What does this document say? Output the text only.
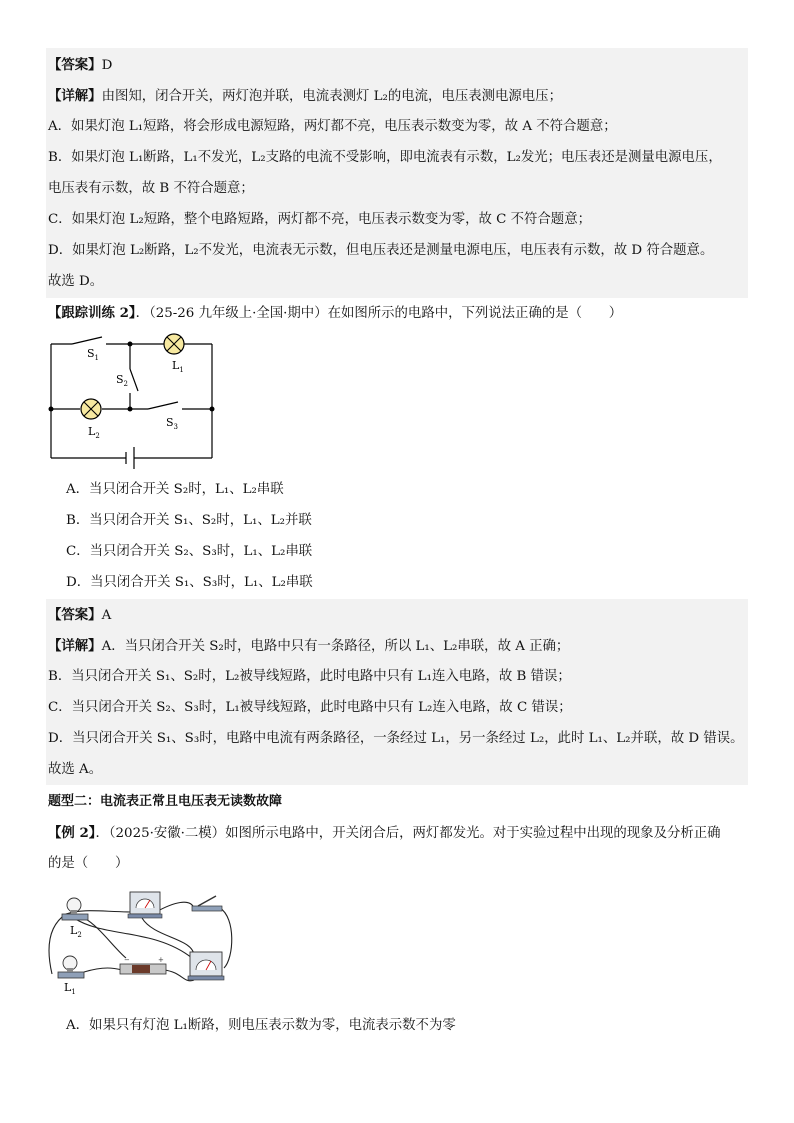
【答案】D
【详解】由图知，闭合开关，两灯泡并联，电流表测灯 L₂的电流，电压表测电源电压；
A．如果灯泡 L₁短路，将会形成电源短路，两灯都不亮，电压表示数变为零，故 A 不符合题意；
B．如果灯泡 L₁断路，L₁不发光，L₂支路的电流不受影响，即电流表有示数，L₂发光；电压表还是测量电源电压，
电压表有示数，故 B 不符合题意；
C．如果灯泡 L₂短路，整个电路短路，两灯都不亮，电压表示数变为零，故 C 不符合题意；
D．如果灯泡 L₂断路，L₂不发光，电流表无示数，但电压表还是测量电源电压，电压表有示数，故 D 符合题意。
故选 D。
【跟踪训练 2】．（25-26 九年级上·全国·期中）在如图所示的电路中，下列说法正确的是（　　）
$S_1$
$S_2$
$S_3$
$L_1$
$L_2$
A．当只闭合开关 S₂时，L₁、L₂串联
B．当只闭合开关 S₁、S₂时，L₁、L₂并联
C．当只闭合开关 S₂、S₃时，L₁、L₂串联
D．当只闭合开关 S₁、S₃时，L₁、L₂串联
【答案】A
【详解】A．当只闭合开关 S₂时，电路中只有一条路径，所以 L₁、L₂串联，故 A 正确；
B．当只闭合开关 S₁、S₂时，L₂被导线短路，此时电路中只有 L₁连入电路，故 B 错误；
C．当只闭合开关 S₂、S₃时，L₁被导线短路，此时电路中只有 L₂连入电路，故 C 错误；
D．当只闭合开关 S₁、S₃时，电路中电流有两条路径，一条经过 L₁，另一条经过 L₂，此时 L₁、L₂并联，故 D 错误。
故选 A。
题型二：电流表正常且电压表无读数故障
【例 2】．（2025·安徽·二模）如图所示电路中，开关闭合后，两灯都发光。对于实验过程中出现的现象及分析正确
的是（　　）
−	+
$L_2$
$L_1$
A．如果只有灯泡 L₁断路，则电压表示数为零，电流表示数不为零
